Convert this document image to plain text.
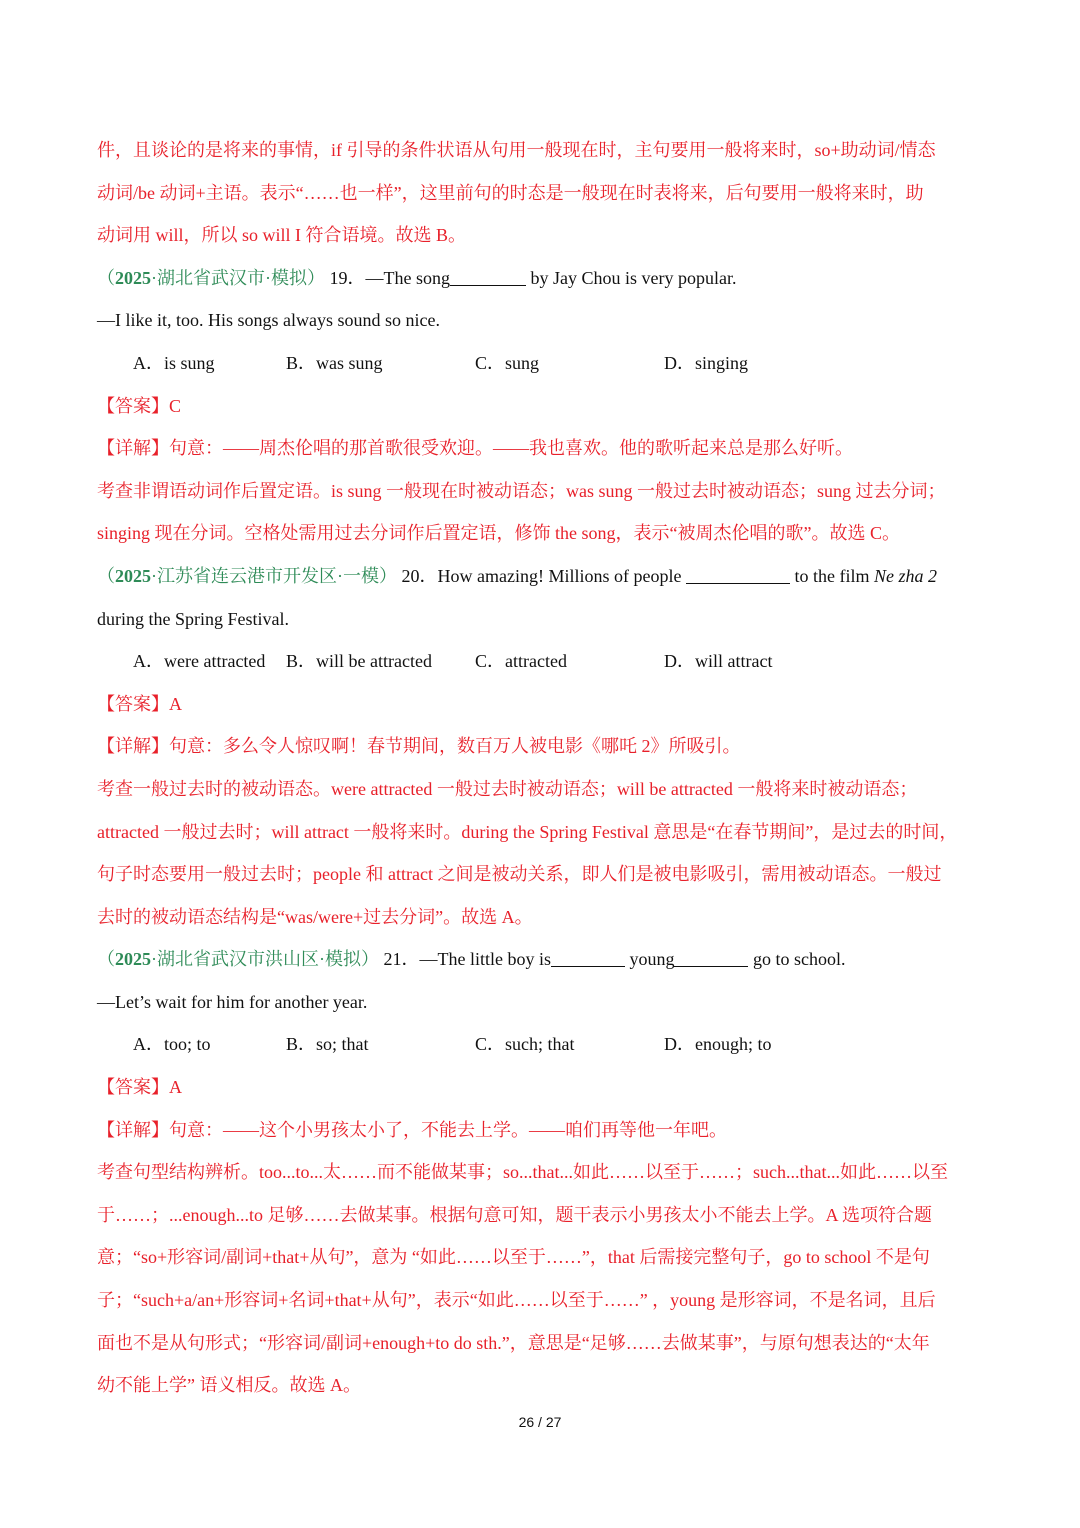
件，且谈论的是将来的事情，if 引导的条件状语从句用一般现在时，主句要用一般将来时，so+助动词/情态
动词/be 动词+主语。表示“……也一样”，这里前句的时态是一般现在时表将来，后句要用一般将来时，助
动词用 will，所以 so will I 符合语境。故选 B。
（2025·湖北省武汉市·模拟） 19．—The song	by Jay Chou is very popular.
—I like it, too. His songs always sound so nice.
A．is sung	B．was sung	C．sung	D．singing
【答案】C
【详解】句意：——周杰伦唱的那首歌很受欢迎。——我也喜欢。他的歌听起来总是那么好听。
考查非谓语动词作后置定语。is sung 一般现在时被动语态；was sung 一般过去时被动语态；sung 过去分词；
singing 现在分词。空格处需用过去分词作后置定语，修饰 the song，表示“被周杰伦唱的歌”。故选 C。
（2025·江苏省连云港市开发区·一模） 20．How amazing! Millions of people	to the film Ne zha 2
during the Spring Festival.
A．were attracted B．will be attracted C．attracted	D．will attract
【答案】A
【详解】句意：多么令人惊叹啊！春节期间，数百万人被电影《哪吒 2》所吸引。
考查一般过去时的被动语态。were attracted 一般过去时被动语态；will be attracted 一般将来时被动语态；
attracted 一般过去时；will attract 一般将来时。during the Spring Festival 意思是“在春节期间”，是过去的时间，
句子时态要用一般过去时；people 和 attract 之间是被动关系，即人们是被电影吸引，需用被动语态。一般过
去时的被动语态结构是“was/were+过去分词”。故选 A。
（2025·湖北省武汉市洪山区·模拟） 21．—The little boy is	young	go to school.
—Let’s wait for him for another year.
A．too; to	B．so; that	C．such; that	D．enough; to
【答案】A
【详解】句意：——这个小男孩太小了，不能去上学。——咱们再等他一年吧。
考查句型结构辨析。too...to...太……而不能做某事；so...that...如此……以至于……；such...that...如此……以至
于……；...enough...to 足够……去做某事。根据句意可知，题干表示小男孩太小不能去上学。A 选项符合题
意；“so+形容词/副词+that+从句”，意为 “如此……以至于……”，that 后需接完整句子，go to school 不是句
子；“such+a/an+形容词+名词+that+从句”，表示“如此……以至于……” ，young 是形容词，不是名词，且后
面也不是从句形式；“形容词/副词+enough+to do sth.”，意思是“足够……去做某事”，与原句想表达的“太年
幼不能上学” 语义相反。故选 A。
26 / 27
